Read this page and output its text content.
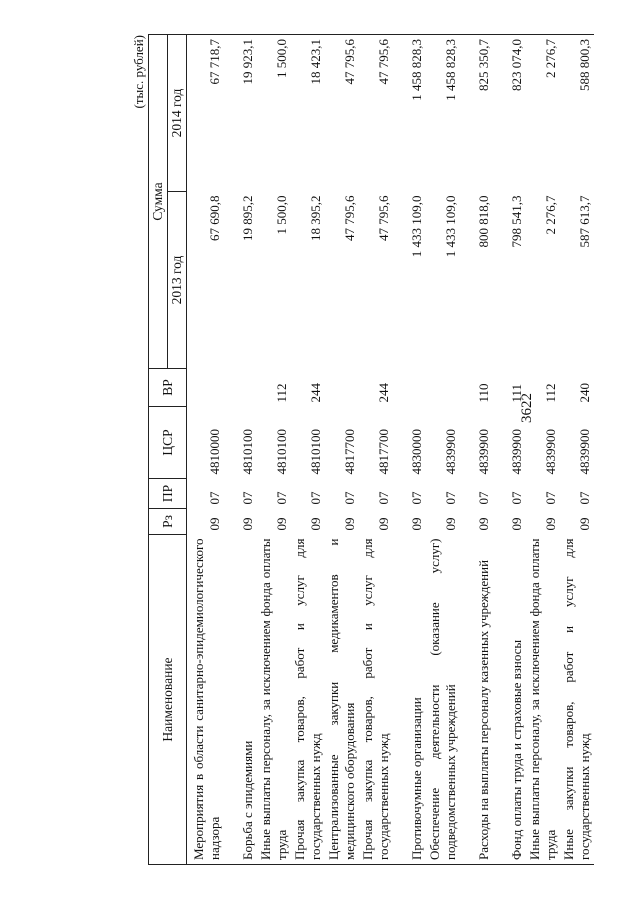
3622
(тыс. рублей)
Наименование	Рз	ПР	ЦСР	ВР	Сумма	
					2013 год	2014 год
Мероприятия в области санитарно-эпидемиологического надзора	09	07	4810000		67 690,8	67 718,7
Борьба с эпидемиями	09	07	4810100		19 895,2	19 923,1
Иные выплаты персоналу, за исключением фонда оплаты труда	09	07	4810100	112	1 500,0	1 500,0
Прочая закупка товаров, работ и услуг для государственных нужд	09	07	4810100	244	18 395,2	18 423,1
Централизованные закупки медикаментов и медицинского оборудования	09	07	4817700		47 795,6	47 795,6
Прочая закупка товаров, работ и услуг для государственных нужд	09	07	4817700	244	47 795,6	47 795,6
Противочумные организации	09	07	4830000		1 433 109,0	1 458 828,3
Обеспечение деятельности (оказание услуг) подведомственных учреждений	09	07	4839900		1 433 109,0	1 458 828,3
Расходы на выплаты персоналу казенных учреждений	09	07	4839900	110	800 818,0	825 350,7
Фонд оплаты труда и страховые взносы	09	07	4839900	111	798 541,3	823 074,0
Иные выплаты персоналу, за исключением фонда оплаты труда	09	07	4839900	112	2 276,7	2 276,7
Иные закупки товаров, работ и услуг для государственных нужд	09	07	4839900	240	587 613,7	588 800,3
